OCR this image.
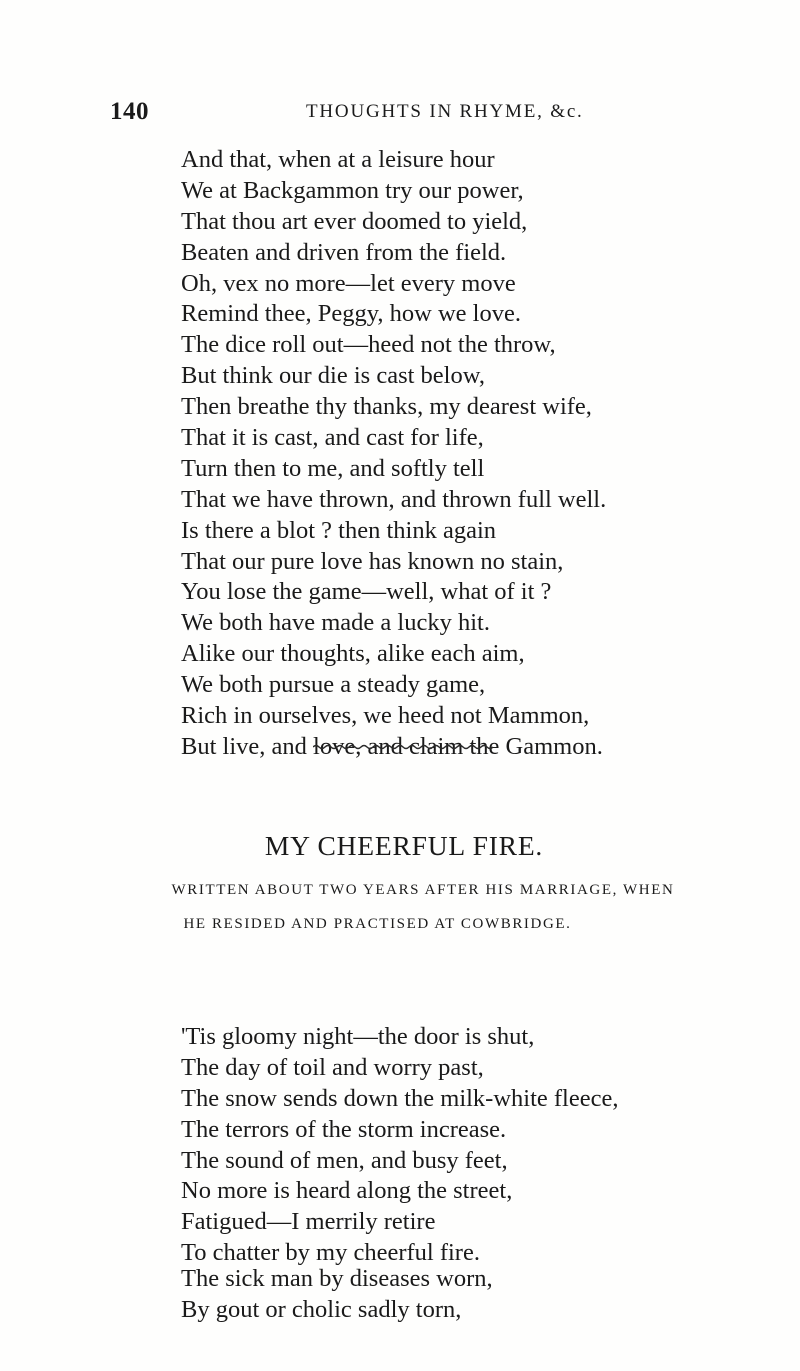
140	THOUGHTS IN RHYME, &c.
And that, when at a leisure hour
We at Backgammon try our power,
That thou art ever doomed to yield,
Beaten and driven from the field.
Oh, vex no more—let every move
Remind thee, Peggy, how we love.
The dice roll out—heed not the throw,
But think our die is cast below,
Then breathe thy thanks, my dearest wife,
That it is cast, and cast for life,
Turn then to me, and softly tell
That we have thrown, and thrown full well.
Is there a blot ? then think again
That our pure love has known no stain,
You lose the game—well, what of it ?
We both have made a lucky hit.
Alike our thoughts, alike each aim,
We both pursue a steady game,
Rich in ourselves, we heed not Mammon,
But live, and love, and claim the Gammon.
MY CHEERFUL FIRE.

WRITTEN ABOUT TWO YEARS AFTER HIS MARRIAGE, WHEN

HE RESIDED AND PRACTISED AT COWBRIDGE.

'Tis gloomy night—the door is shut,
The day of toil and worry past,
The snow sends down the milk-white fleece,
The terrors of the storm increase.
The sound of men, and busy feet,
No more is heard along the street,
Fatigued—I merrily retire
To chatter by my cheerful fire.
The sick man by diseases worn,
By gout or cholic sadly torn,
